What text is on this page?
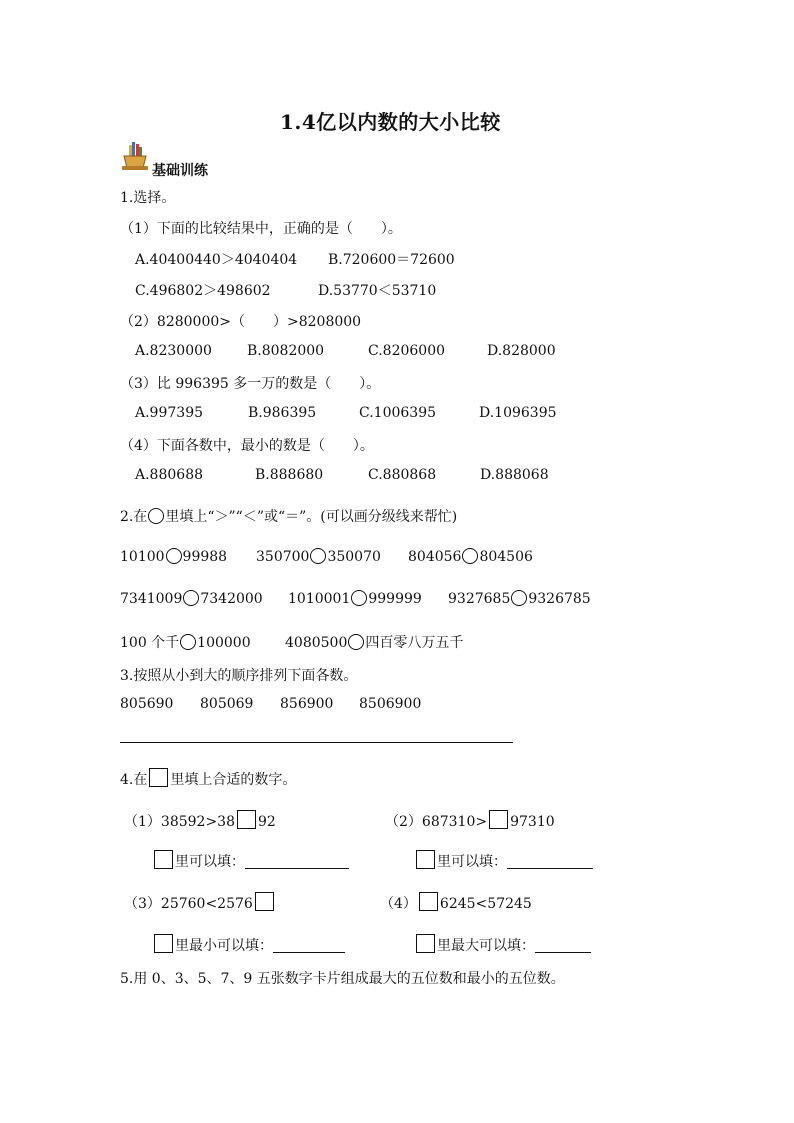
1.4亿以内数的大小比较
基础训练
1.选择。
（1）下面的比较结果中，正确的是（　　）。
A.40400440＞4040404 B.720600＝72600
C.496802＞498602	D.53770＜53710
（2）8280000>（　　）>8208000
A.8230000	B.8082000	C.8206000	D.828000
（3）比 996395 多一万的数是（　　）。
A.997395	B.986395	C.1006395	D.1096395
（4）下面各数中，最小的数是（　　）。
A.880688	B.888680	C.880868	D.888068
2.在 里填上“＞”“＜”或“＝”。(可以画分级线来帮忙)
10100 99988 350700 350070 804056 804506
7341009 7342000 1010001 999999 9327685 9326785
100 个千 100000 4080500 四百零八万五千
3.按照从小到大的顺序排列下面各数。
805690 805069 856900 8506900
4.在 里填上合适的数字。
（1）38592>38 92	（2）687310> 97310
里可以填：	里可以填：
（3）25760<2576	（4） 6245<57245
里最小可以填：	里最大可以填：
5.用 0、3、5、7、9 五张数字卡片组成最大的五位数和最小的五位数。
